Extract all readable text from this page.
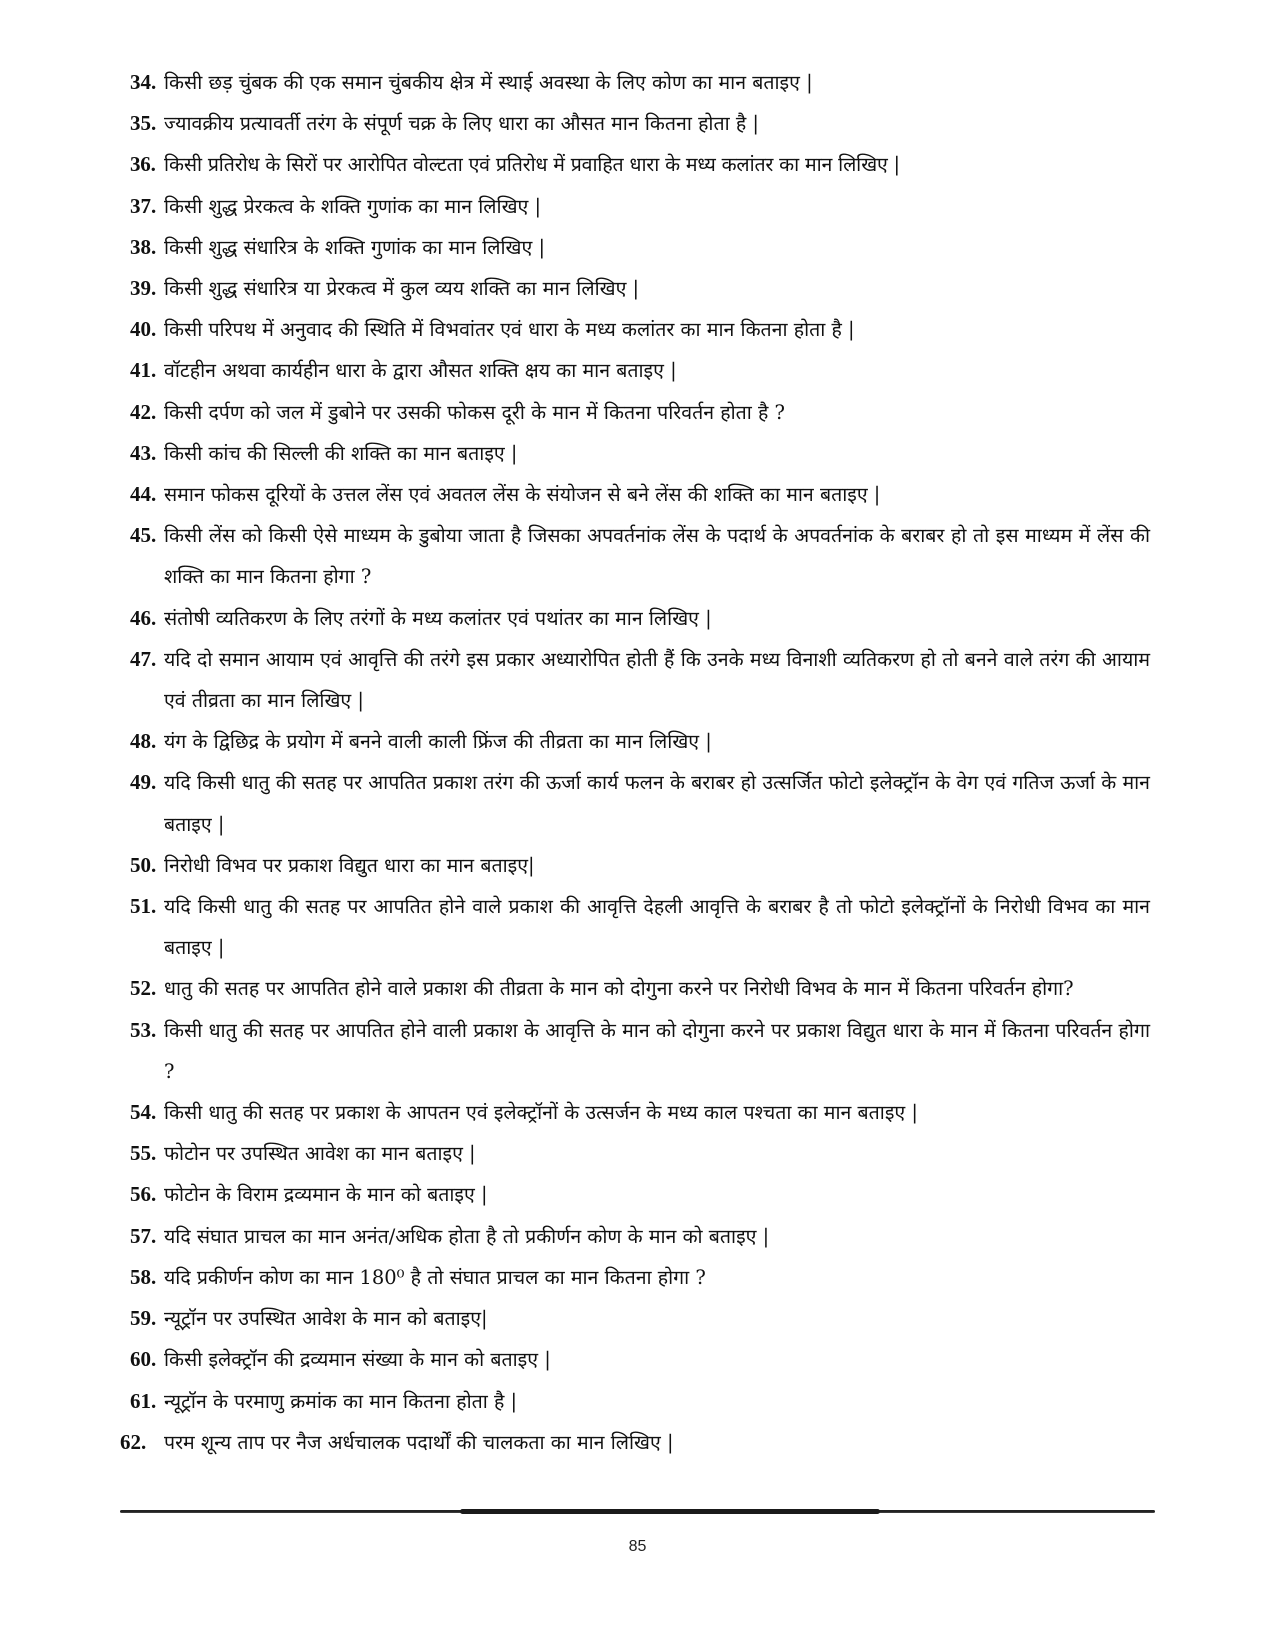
34. किसी छड़ चुंबक की एक समान चुंबकीय क्षेत्र में स्थाई अवस्था के लिए कोण का मान बताइए |
35. ज्यावक्रीय प्रत्यावर्ती तरंग के संपूर्ण चक्र के लिए धारा का औसत मान कितना होता है |
36. किसी प्रतिरोध के सिरों पर आरोपित वोल्टता एवं प्रतिरोध में प्रवाहित धारा के मध्य कलांतर का मान लिखिए |
37. किसी शुद्ध प्रेरकत्व के शक्ति गुणांक का मान लिखिए |
38. किसी शुद्ध संधारित्र के शक्ति गुणांक का मान लिखिए |
39. किसी शुद्ध संधारित्र या प्रेरकत्व में कुल व्यय शक्ति का मान लिखिए |
40. किसी परिपथ में अनुवाद की स्थिति में विभवांतर एवं धारा के मध्य कलांतर का मान कितना होता है |
41. वॉटहीन अथवा कार्यहीन धारा के द्वारा औसत शक्ति क्षय का मान बताइए |
42. किसी दर्पण को जल में डुबोने पर उसकी फोकस दूरी के मान में कितना परिवर्तन होता है ?
43. किसी कांच की सिल्ली की शक्ति का मान बताइए |
44. समान फोकस दूरियों के उत्तल लेंस एवं अवतल लेंस के संयोजन से बने लेंस की शक्ति का मान बताइए |
45. किसी लेंस को किसी ऐसे माध्यम के डुबोया जाता है जिसका अपवर्तनांक लेंस के पदार्थ के अपवर्तनांक के बराबर हो तो इस माध्यम में लेंस की शक्ति का मान कितना होगा ?
46. संतोषी व्यतिकरण के लिए तरंगों के मध्य कलांतर एवं पथांतर का मान लिखिए |
47. यदि दो समान आयाम एवं आवृत्ति की तरंगे इस प्रकार अध्यारोपित होती हैं कि उनके मध्य विनाशी व्यतिकरण हो तो बनने वाले तरंग की आयाम एवं तीव्रता का मान लिखिए |
48. यंग के द्विछिद्र के प्रयोग में बनने वाली काली फ्रिंज की तीव्रता का मान लिखिए |
49. यदि किसी धातु की सतह पर आपतित प्रकाश तरंग की ऊर्जा कार्य फलन के बराबर हो उत्सर्जित फोटो इलेक्ट्रॉन के वेग एवं गतिज ऊर्जा के मान बताइए |
50. निरोधी विभव पर प्रकाश विद्युत धारा का मान बताइए|
51. यदि किसी धातु की सतह पर आपतित होने वाले प्रकाश की आवृत्ति देहली आवृत्ति के बराबर है तो फोटो इलेक्ट्रॉनों के निरोधी विभव का मान बताइए |
52. धातु की सतह पर आपतित होने वाले प्रकाश की तीव्रता के मान को दोगुना करने पर निरोधी विभव के मान में कितना परिवर्तन होगा?
53. किसी धातु की सतह पर आपतित होने वाली प्रकाश के आवृत्ति के मान को दोगुना करने पर प्रकाश विद्युत धारा के मान में कितना परिवर्तन होगा ?
54. किसी धातु की सतह पर प्रकाश के आपतन एवं इलेक्ट्रॉनों के उत्सर्जन के मध्य काल पश्चता का मान बताइए |
55. फोटोन पर उपस्थित आवेश का मान बताइए |
56. फोटोन के विराम द्रव्यमान के मान को बताइए |
57. यदि संघात प्राचल का मान अनंत/अधिक होता है तो प्रकीर्णन कोण के मान को बताइए |
58. यदि प्रकीर्णन कोण का मान 180⁰ है तो संघात प्राचल का मान कितना होगा ?
59. न्यूट्रॉन पर उपस्थित आवेश के मान को बताइए|
60. किसी इलेक्ट्रॉन की द्रव्यमान संख्या के मान को बताइए |
61. न्यूट्रॉन के परमाणु क्रमांक का मान कितना होता है |
62. परम शून्य ताप पर नैज अर्धचालक पदार्थों की चालकता का मान लिखिए |
85
